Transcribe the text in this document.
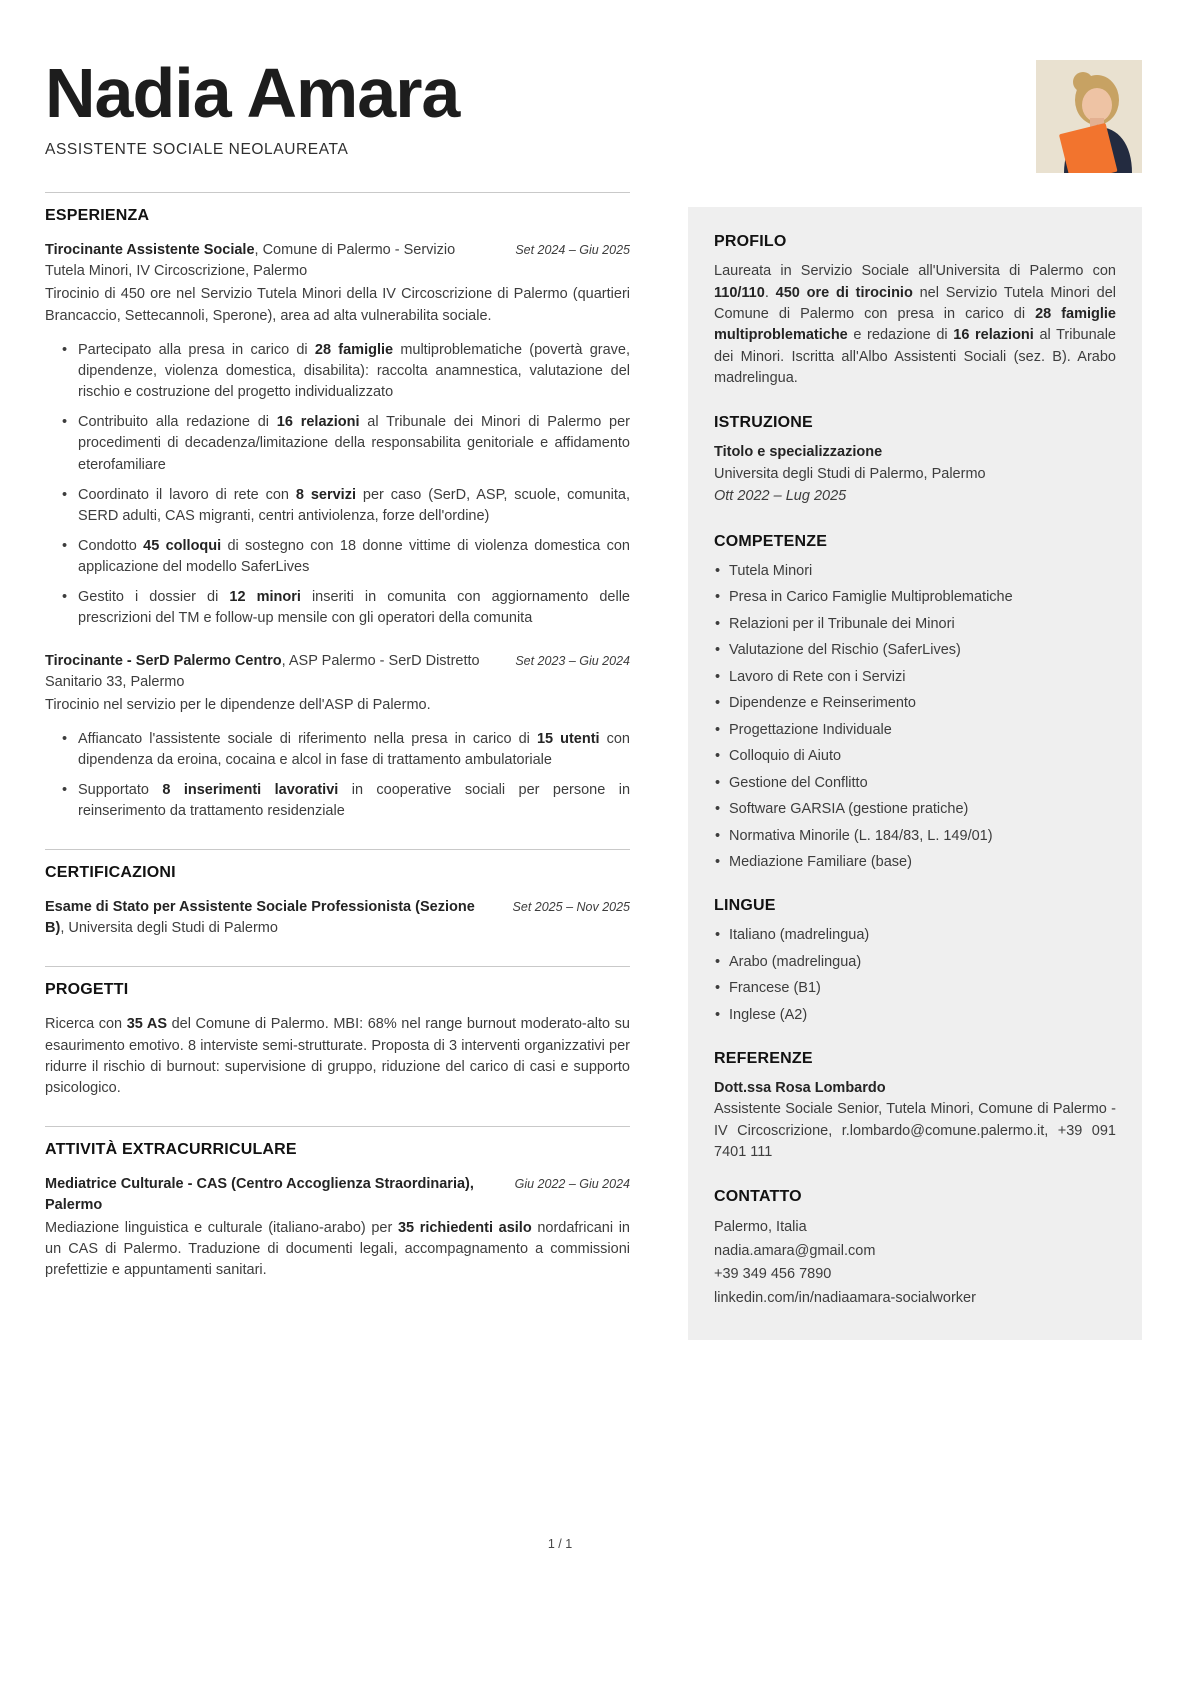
Nadia Amara
ASSISTENTE SOCIALE NEOLAUREATA
ESPERIENZA
Tirocinante Assistente Sociale, Comune di Palermo - Servizio Tutela Minori, IV Circoscrizione, Palermo
Set 2024 – Giu 2025
Tirocinio di 450 ore nel Servizio Tutela Minori della IV Circoscrizione di Palermo (quartieri Brancaccio, Settecannoli, Sperone), area ad alta vulnerabilita sociale.
• Partecipato alla presa in carico di 28 famiglie multiproblematiche (povertà grave, dipendenze, violenza domestica, disabilita): raccolta anamnestica, valutazione del rischio e costruzione del progetto individualizzato
• Contribuito alla redazione di 16 relazioni al Tribunale dei Minori di Palermo per procedimenti di decadenza/limitazione della responsabilita genitoriale e affidamento eterofamiliare
• Coordinato il lavoro di rete con 8 servizi per caso (SerD, ASP, scuole, comunita, SERD adulti, CAS migranti, centri antiviolenza, forze dell'ordine)
• Condotto 45 colloqui di sostegno con 18 donne vittime di violenza domestica con applicazione del modello SaferLives
• Gestito i dossier di 12 minori inseriti in comunita con aggiornamento delle prescrizioni del TM e follow-up mensile con gli operatori della comunita
Tirocinante - SerD Palermo Centro, ASP Palermo - SerD Distretto Sanitario 33, Palermo
Set 2023 – Giu 2024
Tirocinio nel servizio per le dipendenze dell'ASP di Palermo.
• Affiancato l'assistente sociale di riferimento nella presa in carico di 15 utenti con dipendenza da eroina, cocaina e alcol in fase di trattamento ambulatoriale
• Supportato 8 inserimenti lavorativi in cooperative sociali per persone in reinserimento da trattamento residenziale
CERTIFICAZIONI
Esame di Stato per Assistente Sociale Professionista (Sezione B), Universita degli Studi di Palermo
Set 2025 – Nov 2025
PROGETTI
Ricerca con 35 AS del Comune di Palermo. MBI: 68% nel range burnout moderato-alto su esaurimento emotivo. 8 interviste semi-strutturate. Proposta di 3 interventi organizzativi per ridurre il rischio di burnout: supervisione di gruppo, riduzione del carico di casi e supporto psicologico.
ATTIVITÀ EXTRACURRICULARE
Mediatrice Culturale - CAS (Centro Accoglienza Straordinaria), Palermo
Giu 2022 – Giu 2024
Mediazione linguistica e culturale (italiano-arabo) per 35 richiedenti asilo nordafricani in un CAS di Palermo. Traduzione di documenti legali, accompagnamento a commissioni prefettizie e appuntamenti sanitari.
PROFILO
Laureata in Servizio Sociale all'Universita di Palermo con 110/110. 450 ore di tirocinio nel Servizio Tutela Minori del Comune di Palermo con presa in carico di 28 famiglie multiproblematiche e redazione di 16 relazioni al Tribunale dei Minori. Iscritta all'Albo Assistenti Sociali (sez. B). Arabo madrelingua.
ISTRUZIONE
Titolo e specializzazione
Universita degli Studi di Palermo, Palermo
Ott 2022 – Lug 2025
COMPETENZE
• Tutela Minori
• Presa in Carico Famiglie Multiproblematiche
• Relazioni per il Tribunale dei Minori
• Valutazione del Rischio (SaferLives)
• Lavoro di Rete con i Servizi
• Dipendenze e Reinserimento
• Progettazione Individuale
• Colloquio di Aiuto
• Gestione del Conflitto
• Software GARSIA (gestione pratiche)
• Normativa Minorile (L. 184/83, L. 149/01)
• Mediazione Familiare (base)
LINGUE
• Italiano (madrelingua)
• Arabo (madrelingua)
• Francese (B1)
• Inglese (A2)
REFERENZE
Dott.ssa Rosa Lombardo
Assistente Sociale Senior, Tutela Minori, Comune di Palermo - IV Circoscrizione, r.lombardo@comune.palermo.it, +39 091 7401 111
CONTATTO
Palermo, Italia
nadia.amara@gmail.com
+39 349 456 7890
linkedin.com/in/nadiaamara-socialworker
1 / 1
